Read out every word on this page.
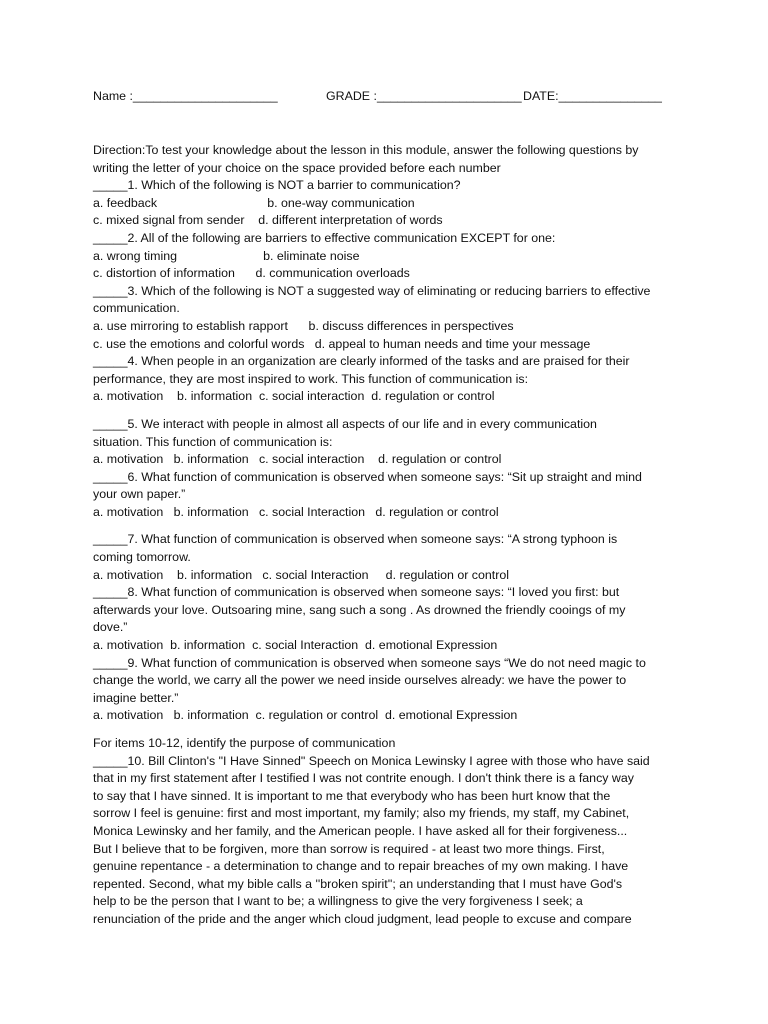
Name :_____________________	GRADE :_____________________ DATE:_______________
Direction:To test your knowledge about the lesson in this module, answer the following questions by
writing the letter of your choice on the space provided before each number
_____1. Which of the following is NOT a barrier to communication?
a. feedback                                b. one-way communication
c. mixed signal from sender    d. different interpretation of words
_____2. All of the following are barriers to effective communication EXCEPT for one:
a. wrong timing                         b. eliminate noise
c. distortion of information      d. communication overloads
_____3. Which of the following is NOT a suggested way of eliminating or reducing barriers to effective
communication.
a. use mirroring to establish rapport      b. discuss differences in perspectives
c. use the emotions and colorful words   d. appeal to human needs and time your message
_____4. When people in an organization are clearly informed of the tasks and are praised for their
performance, they are most inspired to work. This function of communication is:
a. motivation    b. information  c. social interaction  d. regulation or control
_____5. We interact with people in almost all aspects of our life and in every communication
situation. This function of communication is:
a. motivation   b. information   c. social interaction    d. regulation or control
_____6. What function of communication is observed when someone says: “Sit up straight and mind
your own paper.”
a. motivation   b. information   c. social Interaction   d. regulation or control
_____7. What function of communication is observed when someone says: “A strong typhoon is
coming tomorrow.
a. motivation    b. information   c. social Interaction     d. regulation or control
_____8. What function of communication is observed when someone says: “I loved you first: but
afterwards your love. Outsoaring mine, sang such a song . As drowned the friendly cooings of my
dove.”
a. motivation  b. information  c. social Interaction  d. emotional Expression
_____9. What function of communication is observed when someone says “We do not need magic to
change the world, we carry all the power we need inside ourselves already: we have the power to
imagine better.”
a. motivation   b. information  c. regulation or control  d. emotional Expression
For items 10-12, identify the purpose of communication
_____10. Bill Clinton's "I Have Sinned" Speech on Monica Lewinsky I agree with those who have said
that in my first statement after I testified I was not contrite enough. I don't think there is a fancy way
to say that I have sinned. It is important to me that everybody who has been hurt know that the
sorrow I feel is genuine: first and most important, my family; also my friends, my staff, my Cabinet,
Monica Lewinsky and her family, and the American people. I have asked all for their forgiveness...
But I believe that to be forgiven, more than sorrow is required - at least two more things. First,
genuine repentance - a determination to change and to repair breaches of my own making. I have
repented. Second, what my bible calls a ''broken spirit''; an understanding that I must have God's
help to be the person that I want to be; a willingness to give the very forgiveness I seek; a
renunciation of the pride and the anger which cloud judgment, lead people to excuse and compare
